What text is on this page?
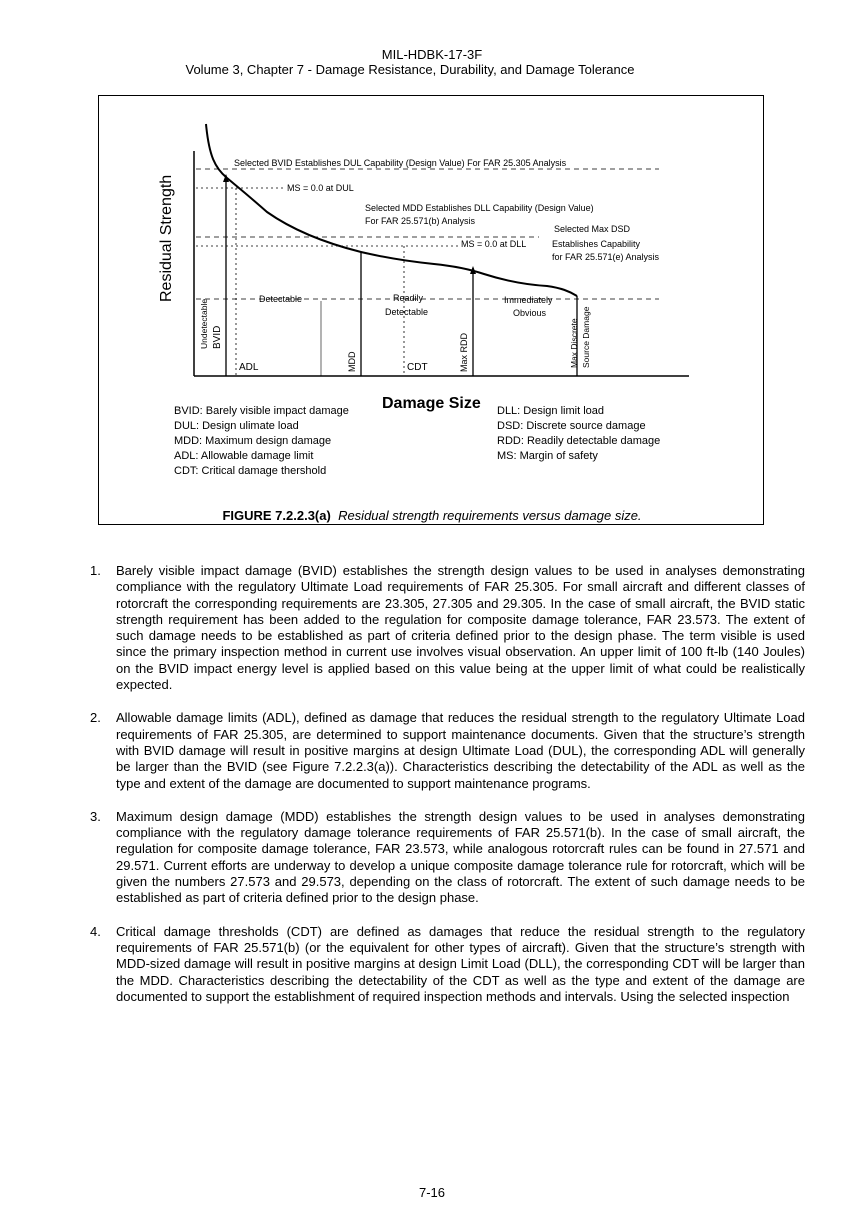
MIL-HDBK-17-3F
Volume 3, Chapter 7 - Damage Resistance, Durability, and Damage Tolerance
Residual Strength
Damage Size
Selected BVID Establishes DUL Capability (Design Value) For FAR 25.305 Analysis
MS = 0.0 at DUL
Selected MDD Establishes DLL Capability (Design Value)
For FAR 25.571(b) Analysis
MS = 0.0 at DLL
Selected Max DSD
Establishes Capability
for FAR 25.571(e) Analysis
Undetectable BVID
Detectable	Readily
Detectable
Immediately
Obvious
Max Discrete Source Damage
ADL	MDD	CDT	Max RDD
BVID: Barely visible impact damage
DUL: Design ulimate load
MDD: Maximum design damage
ADL: Allowable damage limit
CDT: Critical damage thershold
DLL: Design limit load
DSD: Discrete source damage
RDD: Readily detectable damage
MS: Margin of safety
FIGURE 7.2.2.3(a) Residual strength requirements versus damage size.
1. Barely visible impact damage (BVID) establishes the strength design values to be used in analyses demonstrating compliance with the regulatory Ultimate Load requirements of FAR 25.305. For small aircraft and different classes of rotorcraft the corresponding requirements are 23.305, 27.305 and 29.305. In the case of small aircraft, the BVID static strength requirement has been added to the regulation for composite damage tolerance, FAR 23.573. The extent of such damage needs to be established as part of criteria defined prior to the design phase. The term visible is used since the primary inspection method in current use involves visual observation. An upper limit of 100 ft-lb (140 Joules) on the BVID impact energy level is applied based on this value being at the upper limit of what could be realistically expected.
2. Allowable damage limits (ADL), defined as damage that reduces the residual strength to the regulatory Ultimate Load requirements of FAR 25.305, are determined to support maintenance documents. Given that the structure’s strength with BVID damage will result in positive margins at design Ultimate Load (DUL), the corresponding ADL will generally be larger than the BVID (see Figure 7.2.2.3(a)). Characteristics describing the detectability of the ADL as well as the type and extent of the damage are documented to support maintenance programs.
3. Maximum design damage (MDD) establishes the strength design values to be used in analyses demonstrating compliance with the regulatory damage tolerance requirements of FAR 25.571(b). In the case of small aircraft, the regulation for composite damage tolerance, FAR 23.573, while analogous rotorcraft rules can be found in 27.571 and 29.571. Current efforts are underway to develop a unique composite damage tolerance rule for rotorcraft, which will be given the numbers 27.573 and 29.573, depending on the class of rotorcraft. The extent of such damage needs to be established as part of criteria defined prior to the design phase.
4. Critical damage thresholds (CDT) are defined as damages that reduce the residual strength to the regulatory requirements of FAR 25.571(b) (or the equivalent for other types of aircraft). Given that the structure’s strength with MDD-sized damage will result in positive margins at design Limit Load (DLL), the corresponding CDT will be larger than the MDD. Characteristics describing the detectability of the CDT as well as the type and extent of the damage are documented to support the establishment of required inspection methods and intervals. Using the selected inspection
7-16
